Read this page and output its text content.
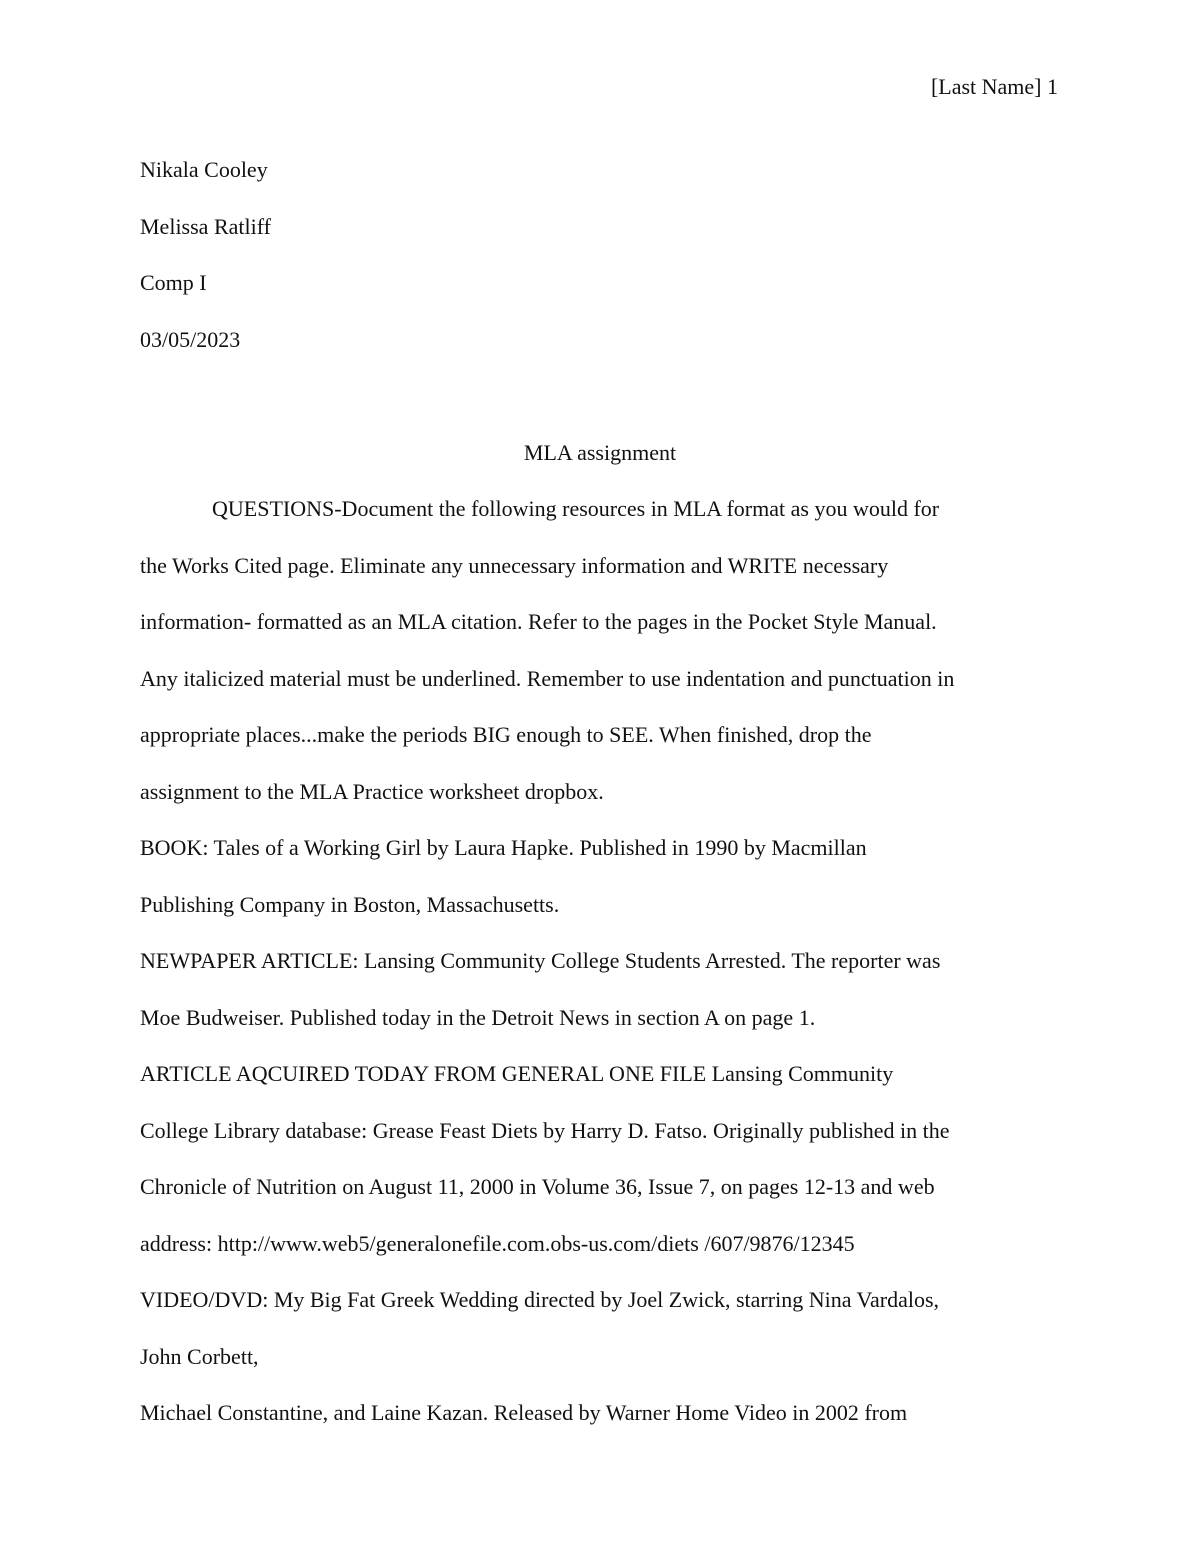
[Last Name] 1

Nikala Cooley

Melissa Ratliff

Comp I

03/05/2023

MLA assignment

QUESTIONS-Document the following resources in MLA format as you would for

the Works Cited page. Eliminate any unnecessary information and WRITE necessary

information- formatted as an MLA citation. Refer to the pages in the Pocket Style Manual.

Any italicized material must be underlined. Remember to use indentation and punctuation in

appropriate places...make the periods BIG enough to SEE. When finished, drop the

assignment to the MLA Practice worksheet dropbox.

BOOK: Tales of a Working Girl by Laura Hapke. Published in 1990 by Macmillan

Publishing Company in Boston, Massachusetts.

NEWPAPER ARTICLE: Lansing Community College Students Arrested. The reporter was

Moe Budweiser. Published today in the Detroit News in section A on page 1.

ARTICLE AQCUIRED TODAY FROM GENERAL ONE FILE Lansing Community

College Library database: Grease Feast Diets by Harry D. Fatso. Originally published in the

Chronicle of Nutrition on August 11, 2000 in Volume 36, Issue 7, on pages 12-13 and web

address: http://www.web5/generalonefile.com.obs-us.com/diets /607/9876/12345

VIDEO/DVD: My Big Fat Greek Wedding directed by Joel Zwick, starring Nina Vardalos,

John Corbett,

Michael Constantine, and Laine Kazan. Released by Warner Home Video in 2002 from
